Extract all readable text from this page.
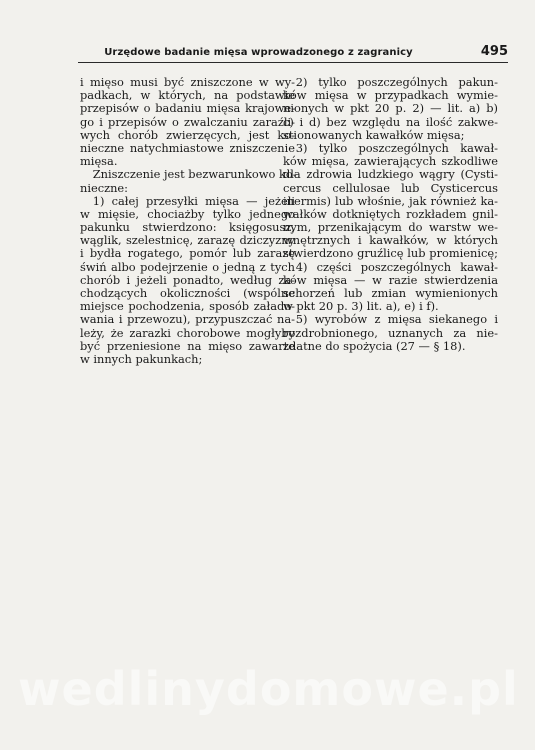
Urzędowe badanie mięsa wprowadzonego z zagranicy	495
i mięso musi być zniszczone w wy-
padkach, w których, na podstawie
przepisów o badaniu mięsa krajowe-
go i przepisów o zwalczaniu zaraźli-
wych chorób zwierzęcych, jest ko-
nieczne natychmiastowe zniszczenie
mięsa.
Zniszczenie jest bezwarunkowo ko-
nieczne:
1) całej przesyłki mięsa — jeżeli
w mięsie, chociażby tylko jednego
pakunku stwierdzono: księgosusz,
wąglik, szelestnicę, zarazę dziczyzny
i bydła rogatego, pomór lub zarazę
świń albo podejrzenie o jedną z tych
chorób i jeżeli ponadto, według za-
chodzących okoliczności (wspólne
miejsce pochodzenia, sposób załado-
wania i przewozu), przypuszczać na-
leży, że zarazki chorobowe mogłyby
być przeniesione na mięso zawarte
w innych pakunkach;
2) tylko poszczególnych pakun-
ków mięsa w przypadkach wymie-
nionych w pkt 20 p. 2) — lit. a) b)
c) i d) bez względu na ilość zakwe-
stionowanych kawałków mięsa;
3) tylko poszczególnych kawał-
ków mięsa, zawierających szkodliwe
dla zdrowia ludzkiego wągry (Cysti-
cercus cellulosae lub Cysticercus
inermis) lub włośnie, jak również ka-
wałków dotkniętych rozkładem gnil-
nym, przenikającym do warstw we-
wnętrznych i kawałków, w których
stwierdzono gruźlicę lub promienicę;
4) części poszczególnych kawał-
ków mięsa — w razie stwierdzenia
schorzeń lub zmian wymienionych
w pkt 20 p. 3) lit. a), e) i f).
5) wyrobów z mięsa siekanego i
rozdrobnionego, uznanych za nie-
zdatne do spożycia (27 — § 18).
wedlinydomowe.pl
